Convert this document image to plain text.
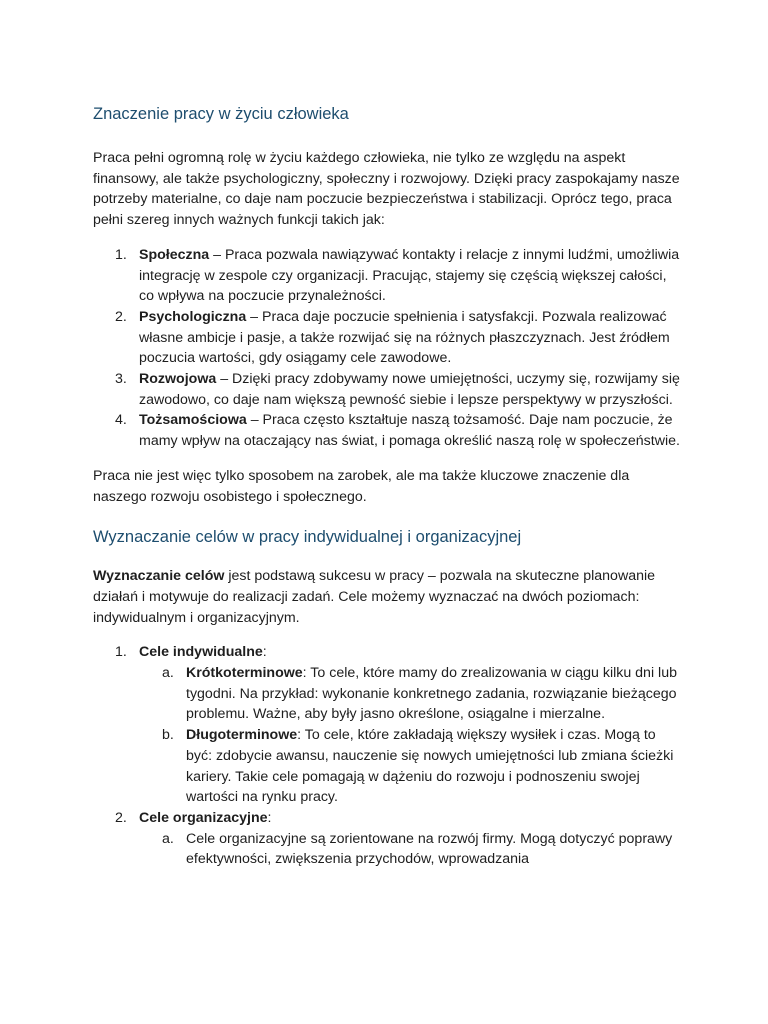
Znaczenie pracy w życiu człowieka

Praca pełni ogromną rolę w życiu każdego człowieka, nie tylko ze względu na aspekt finansowy, ale także psychologiczny, społeczny i rozwojowy. Dzięki pracy zaspokajamy nasze potrzeby materialne, co daje nam poczucie bezpieczeństwa i stabilizacji. Oprócz tego, praca pełni szereg innych ważnych funkcji takich jak:

1. Społeczna – Praca pozwala nawiązywać kontakty i relacje z innymi ludźmi, umożliwia integrację w zespole czy organizacji. Pracując, stajemy się częścią większej całości, co wpływa na poczucie przynależności.
2. Psychologiczna – Praca daje poczucie spełnienia i satysfakcji. Pozwala realizować własne ambicje i pasje, a także rozwijać się na różnych płaszczyznach. Jest źródłem poczucia wartości, gdy osiągamy cele zawodowe.
3. Rozwojowa – Dzięki pracy zdobywamy nowe umiejętności, uczymy się, rozwijamy się zawodowo, co daje nam większą pewność siebie i lepsze perspektywy w przyszłości.
4. Tożsamościowa – Praca często kształtuje naszą tożsamość. Daje nam poczucie, że mamy wpływ na otaczający nas świat, i pomaga określić naszą rolę w społeczeństwie.

Praca nie jest więc tylko sposobem na zarobek, ale ma także kluczowe znaczenie dla naszego rozwoju osobistego i społecznego.

Wyznaczanie celów w pracy indywidualnej i organizacyjnej

Wyznaczanie celów jest podstawą sukcesu w pracy – pozwala na skuteczne planowanie działań i motywuje do realizacji zadań. Cele możemy wyznaczać na dwóch poziomach: indywidualnym i organizacyjnym.

1. Cele indywidualne:
a. Krótkoterminowe: To cele, które mamy do zrealizowania w ciągu kilku dni lub tygodni. Na przykład: wykonanie konkretnego zadania, rozwiązanie bieżącego problemu. Ważne, aby były jasno określone, osiągalne i mierzalne.
b. Długoterminowe: To cele, które zakładają większy wysiłek i czas. Mogą to być: zdobycie awansu, nauczenie się nowych umiejętności lub zmiana ścieżki kariery. Takie cele pomagają w dążeniu do rozwoju i podnoszeniu swojej wartości na rynku pracy.
2. Cele organizacyjne:
a. Cele organizacyjne są zorientowane na rozwój firmy. Mogą dotyczyć poprawy efektywności, zwiększenia przychodów, wprowadzania
